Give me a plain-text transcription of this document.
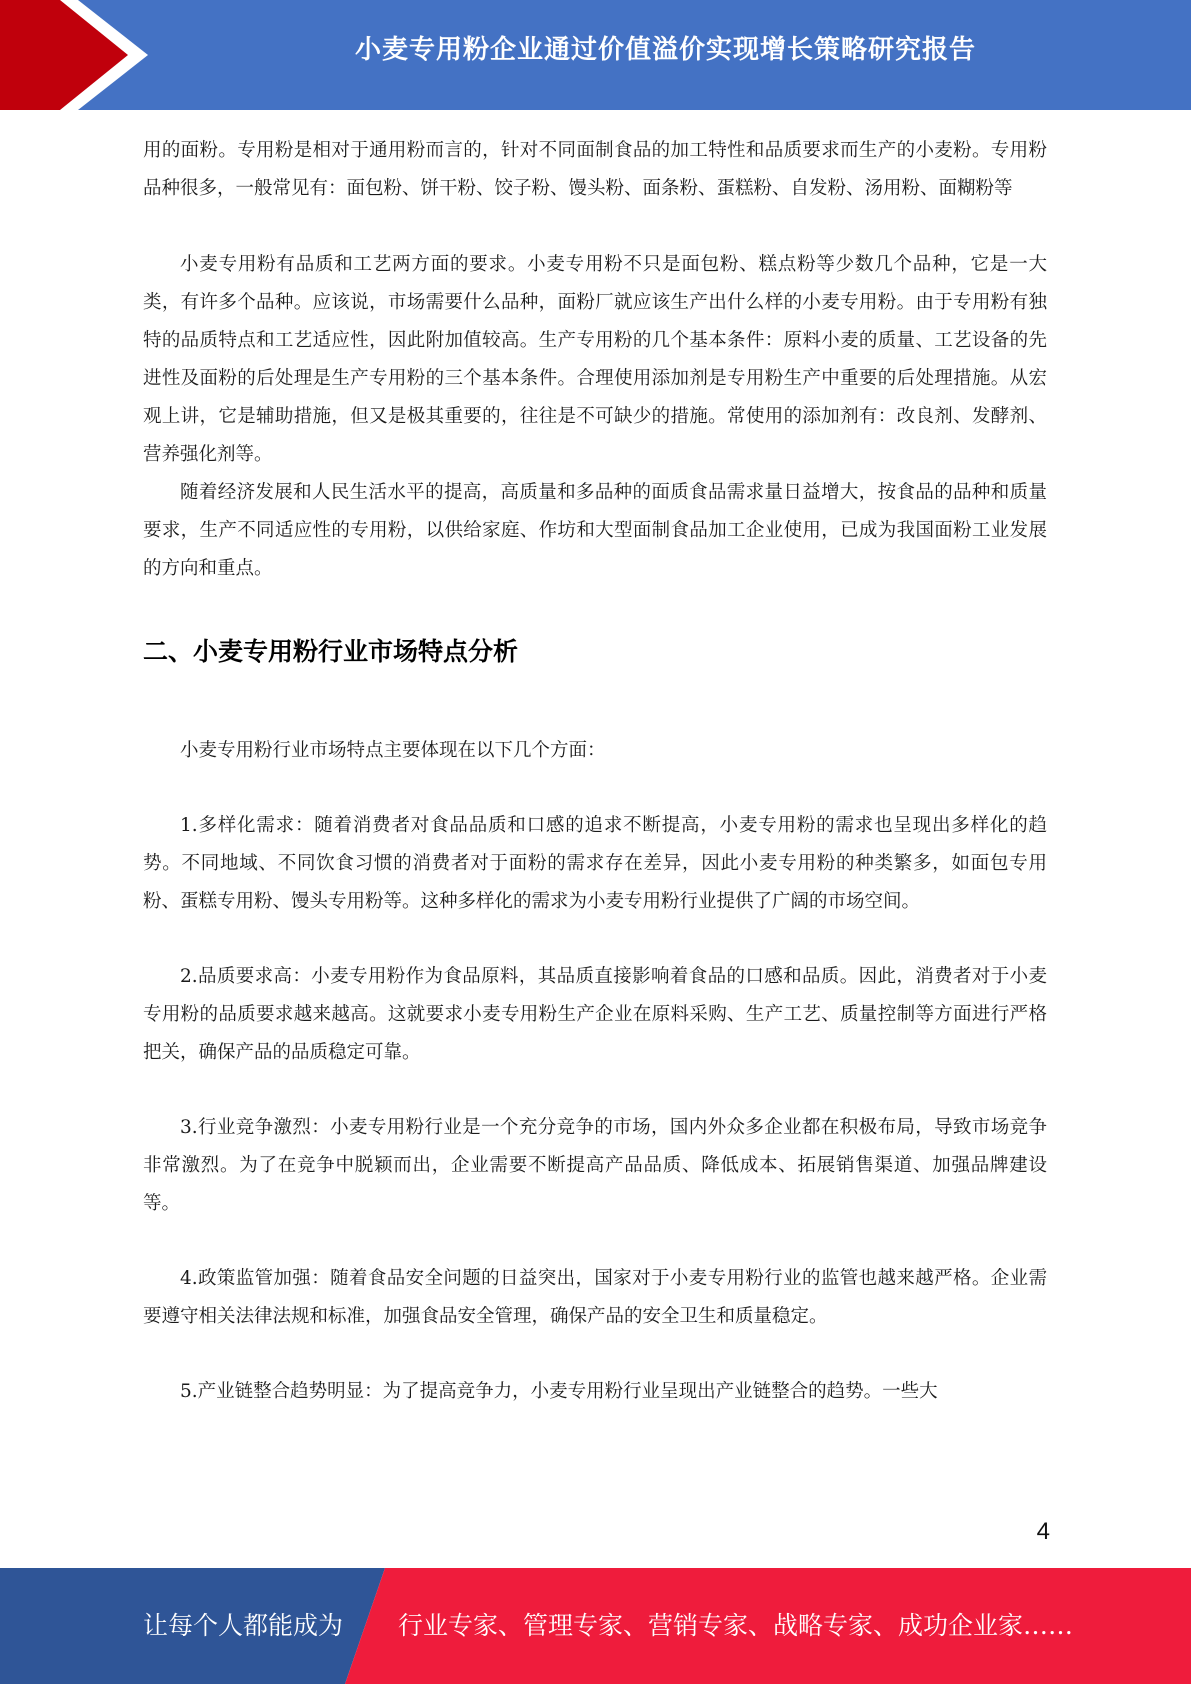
小麦专用粉企业通过价值溢价实现增长策略研究报告

用的面粉。专用粉是相对于通用粉而言的，针对不同面制食品的加工特性和品质要求而生产的小麦粉。专用粉品种很多，一般常见有：面包粉、饼干粉、饺子粉、馒头粉、面条粉、蛋糕粉、自发粉、汤用粉、面糊粉等

小麦专用粉有品质和工艺两方面的要求。小麦专用粉不只是面包粉、糕点粉等少数几个品种，它是一大类，有许多个品种。应该说，市场需要什么品种，面粉厂就应该生产出什么样的小麦专用粉。由于专用粉有独特的品质特点和工艺适应性，因此附加值较高。生产专用粉的几个基本条件：原料小麦的质量、工艺设备的先进性及面粉的后处理是生产专用粉的三个基本条件。合理使用添加剂是专用粉生产中重要的后处理措施。从宏观上讲，它是辅助措施，但又是极其重要的，往往是不可缺少的措施。常使用的添加剂有：改良剂、发酵剂、营养强化剂等。

随着经济发展和人民生活水平的提高，高质量和多品种的面质食品需求量日益增大，按食品的品种和质量要求，生产不同适应性的专用粉，以供给家庭、作坊和大型面制食品加工企业使用，已成为我国面粉工业发展的方向和重点。

二、小麦专用粉行业市场特点分析

小麦专用粉行业市场特点主要体现在以下几个方面：

1.多样化需求：随着消费者对食品品质和口感的追求不断提高，小麦专用粉的需求也呈现出多样化的趋势。不同地域、不同饮食习惯的消费者对于面粉的需求存在差异，因此小麦专用粉的种类繁多，如面包专用粉、蛋糕专用粉、馒头专用粉等。这种多样化的需求为小麦专用粉行业提供了广阔的市场空间。

2.品质要求高：小麦专用粉作为食品原料，其品质直接影响着食品的口感和品质。因此，消费者对于小麦专用粉的品质要求越来越高。这就要求小麦专用粉生产企业在原料采购、生产工艺、质量控制等方面进行严格把关，确保产品的品质稳定可靠。

3.行业竞争激烈：小麦专用粉行业是一个充分竞争的市场，国内外众多企业都在积极布局，导致市场竞争非常激烈。为了在竞争中脱颖而出，企业需要不断提高产品品质、降低成本、拓展销售渠道、加强品牌建设等。

4.政策监管加强：随着食品安全问题的日益突出，国家对于小麦专用粉行业的监管也越来越严格。企业需要遵守相关法律法规和标准，加强食品安全管理，确保产品的安全卫生和质量稳定。

5.产业链整合趋势明显：为了提高竞争力，小麦专用粉行业呈现出产业链整合的趋势。一些大

4
让每个人都能成为 行业专家、管理专家、营销专家、战略专家、成功企业家……
